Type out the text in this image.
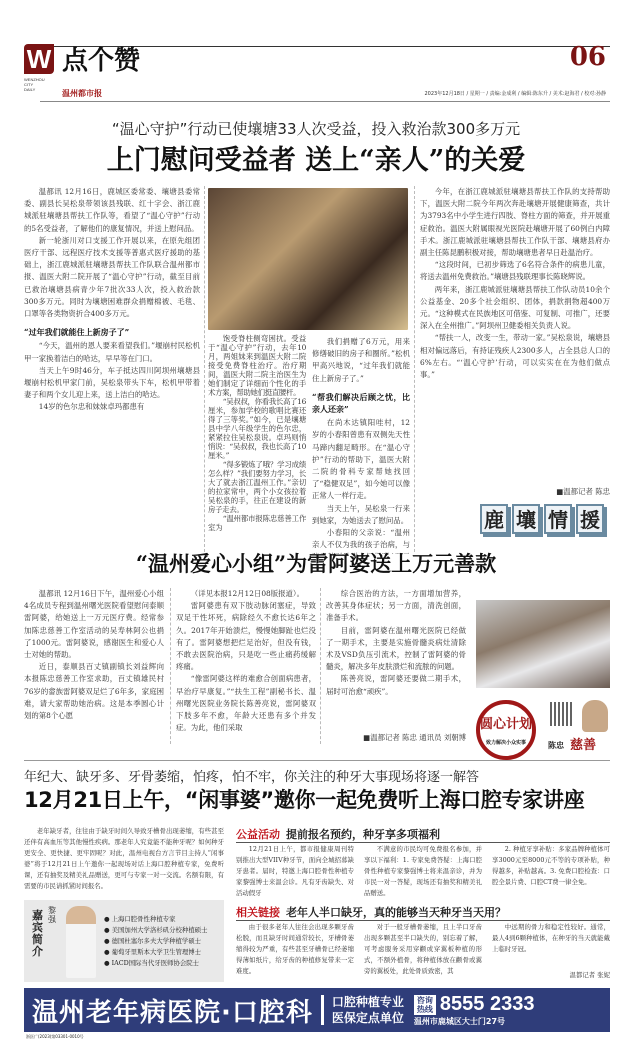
W
WENZHOU CITY DAILY
点个赞
温州都市报
06
2023年12月18日 / 星期一 / 责编:金成利 / 编辑:陈东升 / 美术:赵海君 / 校对:孙静
“温心守护”行动已使壤塘33人次受益，投入救治款300多万元
上门慰问受益者 送上“亲人”的关爱

温都讯 12月16日，鹿城区委常委、壤塘县委常委、副县长吴松泉带领该县残联、红十字会、浙江鹿城派驻壤塘县帮扶工作队等，看望了“温心守护”行动的5名受益者，了解他们的康复情况，并送上慰问品。

新一轮浙川对口支援工作开展以来，在原先组团医疗干部、远程医疗技术支援等普惠式医疗援助的基础上，浙江鹿城派驻壤塘县帮扶工作队联合温州都市报、温医大附二院开展了“温心守护”行动，截至目前已救治壤塘县病青少年7批次33人次，投入救治款300多万元。同时为壤塘困难群众捐赠棉被、毛毯、口罩等各类物资折合400多万元。

“过年我们就能住上新房子了”

“今天，温州的恩人要来看望我们。”堰崩村民松机甲一家换着洁白的哈达，早早等在门口。

当天上午9时46分，车子抵达四川阿坝州壤塘县堰崩村松机甲家门前，吴松泉带头下车，松机甲带着妻子和两个女儿迎上来，送上洁白的哈达。

14岁的色尔忠和妹妹卓玛都患有

饱受脊柱侧弯困扰。受益于“温心守护”行动，去年10月，两姐妹来到温医大附二院接受免费脊柱治疗。治疗期间，温医大附二院主治医生为她们制定了详细而个性化的手术方案，帮助她们挺直腰杆。

“吴叔叔，你看我长高了16厘米，参加学校的歌唱比赛还得了三等奖。”如今，已是壤塘县中学八年级学生的色尔忠，紧紧拉住吴松泉说。卓玛则悄悄说：“吴叔叔，我也长高了10厘米。”

“得多锻炼了哦？学习成绩怎么样？”我们要努力学习，长大了就去浙江温州工作。”亲切的拉家常中，两个小女孩拉着吴松泉的手，往正在建设的新房子走去。

“温州都市报陈忠慈善工作室为

我们捐赠了6万元，用来修缮破旧的房子和圈所。”松机甲高兴地说，“过年我们就能住上新房子了。”

“帮我们解决后顾之忧，比亲人还亲”

在尚木达镇阳哇村，12岁的小春阳曾患有双侧先天性马蹄内翻足畸形。在“温心守护”行动的帮助下，温医大附二院的骨科专家帮她找回了“稳健双足”，如今她可以像正常人一样行走。

当天上午，吴松泉一行来到她家，为她送去了慰问品。

小春阳的父亲说：“温州亲人不仅为我的孩子治病，与

今年，在浙江鹿城派驻壤塘县帮扶工作队的支持帮助下，温医大附二院今年两次奔赴壤塘开展健康筛查，共计为3793名中小学生进行四肢、脊柱方面的筛查，并开展重症救治。温医大附属眼视光医院赴壤塘开展了60例白内障手术。浙江鹿城派驻壤塘县帮扶工作队干部、壤塘县府办副主任陈昆鹏积极对接，帮助壤塘患者早日赴温治疗。

“这段时间，已初步筛选了6名符合条件的病患儿童，将送去温州免费救治。”壤塘县残联理事长陈晓辉说。

两年来，浙江鹿城派驻壤塘县帮扶工作队动员10余个公益基金、20多个社会组织、团体，捐款捐物超400万元。“这种模式在民族地区可借鉴、可复制、可推广，还要深入在全州推广。”阿坝州卫健委相关负责人说。

“帮扶一人，改变一生，带动一家。”吴松泉说，壤塘县相对偏远落后，有持证残疾人2300多人，占全县总人口的6%左右。“‘温心守护’行动，可以实实在在为他们做点事。”

■温都记者 陈忠

鹿 壤 情 援
“温州爱心小组”为雷阿婆送上万元善款

温都讯 12月16日下午，温州爱心小组4名成员专程到温州曙光医院看望慰问泰顺雷阿婆，给她送上一万元医疗费。经常参加陈忠慈善工作室活动的吴寿林阿公也捐了1000元。雷阿婆说，感谢医生和爱心人士对她的帮助。

近日，泰顺县百丈镇副镇长刘益辉向本报陈忠慈善工作室求助，百丈镇雄民村76岁的畲族雷阿婆双足烂了6年多，家庭困难，请大家帮助她治病。这是本季圆心计划的第8个心愿

（详见本报12月12日08版报道）。

雷阿婆患有双下肢动脉闭塞症，导致双足干性坏死，病除经久不愈长达6年之久。2017年开始溃烂，慢慢她脚趾也烂没有了。雷阿婆想把烂足治好，但没有钱，不敢去医院治病，只是吃一些止痛药缓解疼痛。

“像雷阿婆这样的难愈合创面病患者，早治疗早康复。”“扶生工程”副秘书长、温州曙光医院业务院长陈善亮说，雷阿婆双下肢多年不愈，年龄大还患有多个并发症。为此，他们采取

综合医治的方法，一方面增加营养，改善其身体症状；另一方面，清洗创面，准备手术。

目前，雷阿婆在温州曙光医院已经做了一期手术，主要是实施骨髓炎病灶清除术及VSD负压引流术，控制了雷阿婆的骨髓炎，解决多年皮肤溃烂和流脓的问题。

陈善亮说，雷阿婆还要做二期手术，届时可治愈“顽疾”。

■温都记者 陈忠 通讯员 刘朝博

圆心计划
致力解决小众实事	陈忠 慈善
年纪大、缺牙多、牙骨萎缩，怕疼，怕不牢，你关注的种牙大事现场将逐一解答
12月21日上午，“闲事婆”邀你一起免费听上海口腔专家讲座

老年缺牙者，往往由于缺牙时间久导致牙槽骨出现萎缩，有些甚至还伴有高血压等其他慢性疾病。那老年人究竟能不能种牙呢？如何种牙更安全、更快捷、更牢固呢？对此，温州电视台方言节目主持人“闲事婆”将于12月21日上午邀你一起现场对话上海口腔种植专家，免费听课，还有抽奖及精美礼品赠送，更可与专家一对一交流。名额有限，有需要的市民请抓紧时间报名。

嘉宾简介
黎强	● 上海口腔骨性种植专家
● 美国加州大学洛杉矶分校种植硕士
● 德国杜塞尔多夫大学种植学硕士
● 葡萄牙里斯本大学卫生管理博士
● IACD国际当代牙医师协会院士
公益活动 提前报名预约，种牙享多项福利

12月21日上午，都市报健康周刊特别推出大型VIIV种牙节，面向全城招募缺牙患者。届时，特邀上海口腔骨性种植专家黎强博士来温会诊。凡有牙齿缺失、对活动假牙

不满意的市民均可免费报名参加，并享以下福利：1. 专家免费答疑：上海口腔骨性种植专家黎强博士将来温亲诊，并为市民一对一答疑，现场还有抽奖和精美礼品赠送。

2. 种植牙享补贴：多家品牌种植体可享3000元至8000元不等的专项补贴，种得越多，补贴越高。3. 免费口腔检查：口腔全景片费、口腔CT费一律全免。

相关链接 老年人半口缺牙，真的能够当天种牙当天用？

由于很多老年人往往会出现多颗牙齿松脱，而且缺牙时间通常较长，牙槽骨萎缩得较为严重，有些甚至牙槽骨已经萎缩得薄如纸片，给牙齿的种植修复带来一定难度。

对于一般牙槽骨萎缩，且上半口牙齿出现多颗甚至半口缺失的，别忘着了解，可考虑服务采用穿颧或穿翼板种植的形式，不额外植骨，将种植体放在颧骨或翼旁的翼板处，此处骨质致密，其

中远期的骨力和稳定性较好。通常，最人4到6颗种植体，在种牙的当天就能戴上临时牙冠。

温都记者 张妮
温州老年病医院·口腔科 口腔种植专业
医保定点单位
咨询热线 8555 2333
温州市鹿城区大士门27号
浙医广(2023)第03301-0010号
